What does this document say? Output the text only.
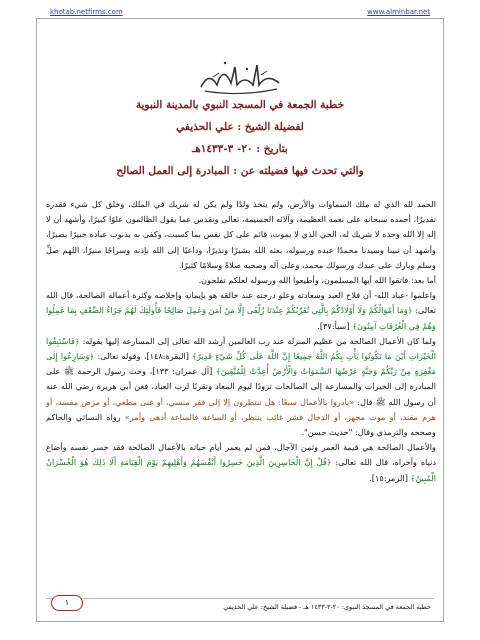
khotab.netfirms.com	www.alminbar.net
خطبة الجمعة في المسجد النبوي بالمدينة النبوية
لفضيلة الشيخ : علي الحذيفي
بتاريخ : ٢٠- ٣-١٤٣٣هـ
والتي تحدث فيها فضيلته عن : المبادرة إلى العمل الصالح

الحمد لله الذي له ملك السماوات والأرض، ولم يتخذ ولدًا ولم يكن له شريك في الملك، وخلق كل شيء فقدره تقديرًا، أحمده سبحانه على نعمه العظيمة، وآلائه الجسيمة، تعالى وتقدس عما يقول الظالمون علوًا كبيرًا، وأشهد أن لا إله إلا الله وحده لا شريك له، الحي الذي لا يموت، قائم على كل نفس بما كسبت، وكفى به بذنوب عباده خبيرًا بصيرًا، وأشهد أن نبينا وسيدنا محمدًا عبده ورسوله، بعثه الله بشيرًا ونذيرًا، وداعيًا إلى الله بإذنه وسراجًا منيرًا، اللهم صلِّ وسلم وبارك على عبدك ورسولك محمد، وعلى آله وصحبه صلاةً وسلامًا كثيرًا.

أما بعد: فاتقوا الله أيها المسلمون، وأطيعوا الله ورسوله لعلكم تفلحون.

واعلموا -عباد الله- أن فلاح العبد وسعادته وعلو درجته عند خالقه هو بإيمانه وإخلاصه وكثرة أعماله الصالحة، قال الله تعالى: ﴿وَمَا أَمْوَالُكُمْ وَلَا أَوْلَادُكُمْ بِالَّتِي تُقَرِّبُكُمْ عِنْدَنَا زُلْفَى إِلَّا مَنْ آمَنَ وَعَمِلَ صَالِحًا فَأُولَئِكَ لَهُمْ جَزَاءُ الضِّعْفِ بِمَا عَمِلُوا وَهُمْ فِي الْغُرُفَاتِ آمِنُونَ﴾ [سبأ:٣٧].

ولما كان الأعمال الصالحة من عظيم المنزلة عند رب العالمين أرشد الله تعالى إلى المسارعة إليها بقوله: ﴿فَاسْتَبِقُوا الْخَيْرَاتِ أَيْنَ مَا تَكُونُوا يَأْتِ بِكُمُ اللَّهُ جَمِيعًا إِنَّ اللَّهَ عَلَى كُلِّ شَيْءٍ قَدِيرٌ﴾ [البقرة:١٤٨]، وقوله تعالى: ﴿وَسَارِعُوا إِلَى مَغْفِرَةٍ مِنْ رَبِّكُمْ وَجَنَّةٍ عَرْضُهَا السَّمَوَاتُ وَالْأَرْضُ أُعِدَّتْ لِلْمُتَّقِينَ﴾ [آل عمران: ١٣٣]، وحث رسول الرحمة ﷺ على المبادرة إلى الخيرات والمسارعة إلى الصالحات تزودًا ليوم المعاد وتقربًا لرب العباد، فعن أبي هريرة رضي الله عنه أن رسول الله ﷺ قال: «بادروا بالأعمال سبعًا: هل تنتظرون إلا إلى فقر منسي، أو غنى مطغي، أو مرض مفسد، أو هرم مفند، أو موت مجهز، أو الدجال فشر غائب ينتظر، أو الساعة فالساعة أدهى وأمر» رواه النسائي والحاكم وصححه والترمذي وقال: "حديث حسن".

والأعمال الصالحة هي قيمة العمر وثمن الآجال، فمن لم يعمر أيام حياته بالأعمال الصالحة فقد خسر نفسه وأضاع دنياه وأخراه، قال الله تعالى: ﴿قُلْ إِنَّ الْخَاسِرِينَ الَّذِينَ خَسِرُوا أَنْفُسَهُمْ وَأَهْلِيهِمْ يَوْمَ الْقِيَامَةِ أَلَا ذَلِكَ هُوَ الْخُسْرَانُ الْمُبِينُ﴾ [الزمر:١٥].

خطبة الجمعة في المسجد النبوي: ٢٠-٣-١٤٣٣ هـ - فضيلة الشيخ: علي الحذيفي
١
